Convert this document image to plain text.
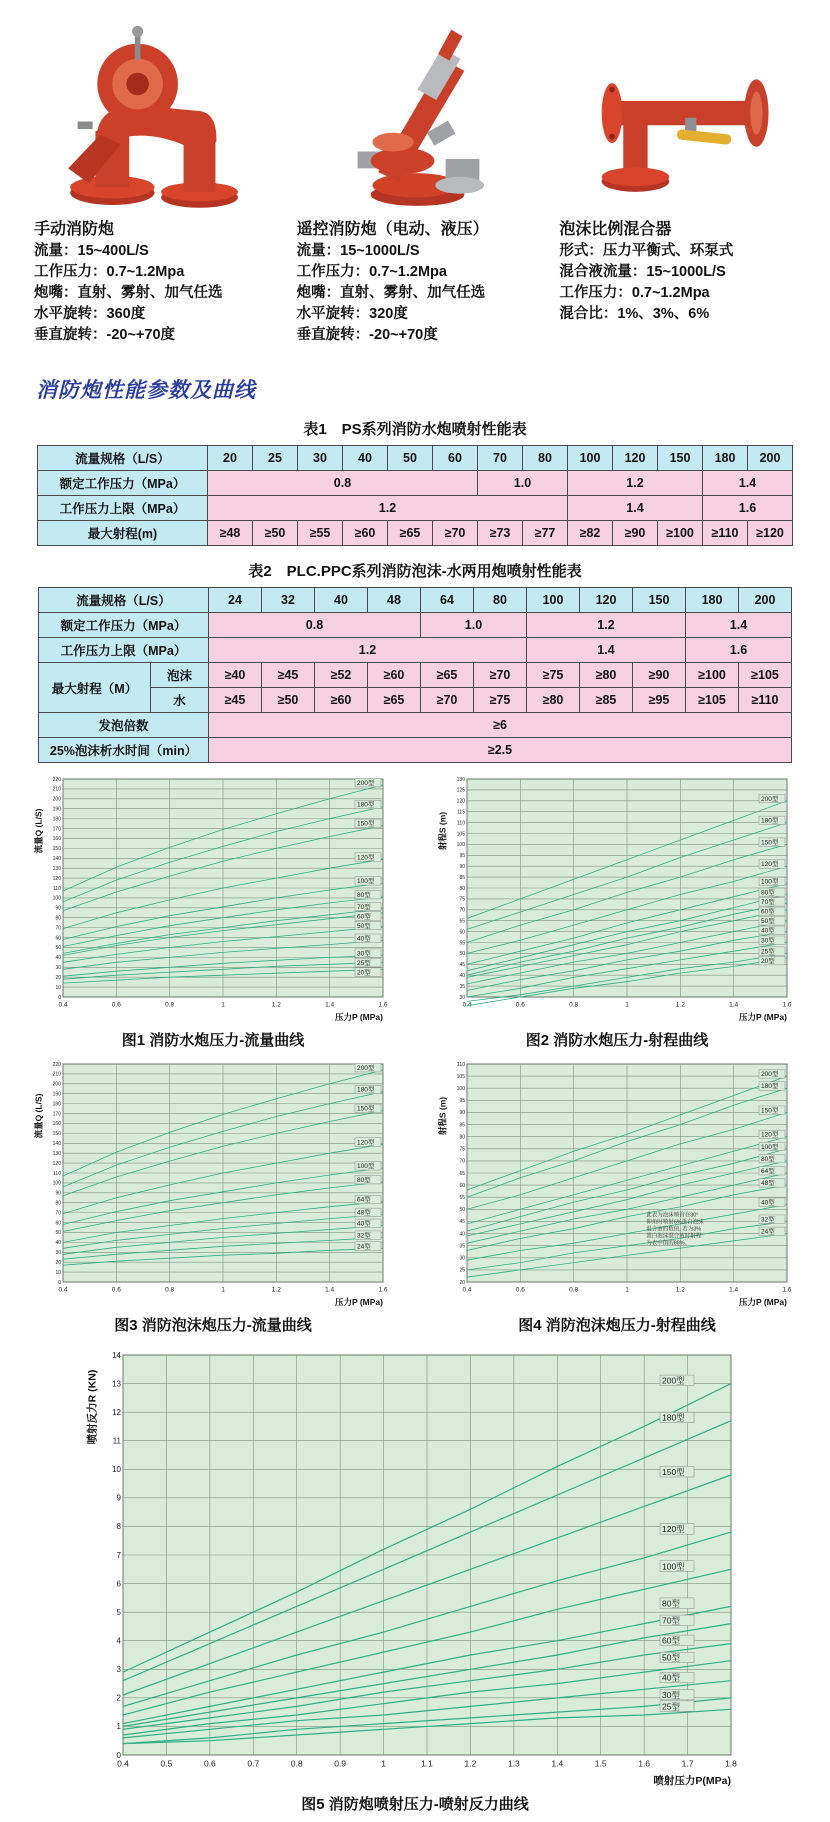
手动消防炮
流量：15~400L/S
工作压力：0.7~1.2Mpa
炮嘴：直射、雾射、加气任选
水平旋转：360度
垂直旋转：-20~+70度
遥控消防炮（电动、液压）
流量：15~1000L/S
工作压力：0.7~1.2Mpa
炮嘴：直射、雾射、加气任选
水平旋转：320度
垂直旋转：-20~+70度
泡沫比例混合器
形式：压力平衡式、环泵式
混合液流量：15~1000L/S
工作压力：0.7~1.2Mpa
混合比：1%、3%、6%
消防炮性能参数及曲线
表1　PS系列消防水炮喷射性能表
流量规格（L/S）	20	25	30	40	50	60	70	80	100	120	150	180	200
额定工作压力（MPa）	0.8						1.0		1.2			1.4	
工作压力上限（MPa）	1.2								1.4			1.6	
最大射程(m)	≥48	≥50	≥55	≥60	≥65	≥70	≥73	≥77	≥82	≥90	≥100	≥110	≥120
表2　PLC.PPC系列消防泡沫-水两用炮喷射性能表
流量规格（L/S）		24	32	40	48	64	80	100	120	150	180	200
额定工作压力（MPa）		0.8				1.0		1.2			1.4	
工作压力上限（MPa）		1.2						1.4			1.6	
最大射程（M）	泡沫	≥40	≥45	≥52	≥60	≥65	≥70	≥75	≥80	≥90	≥100	≥105
	水	≥45	≥50	≥60	≥65	≥70	≥75	≥80	≥85	≥95	≥105	≥110
发泡倍数		≥6										
25%泡沫析水时间（min）		≥2.5										
0.4	0.6	0.8	1	1.2	1.4	1.6
0
10
20
30
40
50
60
70
80
90
100
110
120
130
140
150
160
170
180
190
200
210
220
200型
180型
150型
120型
100型
80型
70型
60型
50型
40型
30型
25型
20型
压力P (MPa)
流量Q (L/S)
图1 消防水炮压力-流量曲线
0.4	0.6	0.8	1	1.2	1.4	1.6
30
35
40
45
50
55
60
65
70
75
80
85
90
95
100
105
110
115
120
125
130
200型
180型
150型
120型
100型
80型
70型
60型
50型
40型
30型
25型
20型
压力P (MPa)
射程S (m)
图2 消防水炮压力-射程曲线
0.4	0.6	0.8	1	1.2	1.4	1.6
0
10
20
30
40
50
60
70
80
90
100
110
120
130
140
150
160
170
180
190
200
210
220
200型
180型
150型
120型
100型
80型
64型
48型
40型
32型
24型
压力P (MPa)
流量Q (L/S)
图3 消防泡沫炮压力-流量曲线
0.4	0.6	0.8	1	1.2	1.4	1.6
20
25
30
35
40
45
50
55
60
65
70
75
80
85
90
95
100
105
110
200型
180型
150型
120型
100型
80型
64型
48型
40型
32型
24型
压力P (MPa)
射程S (m)
此表为泡沫喷管在30°
仰角时喷射6%蛋白泡沫
混合液的数值, 若为3%
蛋白泡沫混合液时射程
为表中值的88%。
图4 消防泡沫炮压力-射程曲线
0.4	0.5	0.6	0.7	0.8	0.9	1	1.1	1.2	1.3	1.4	1.5	1.6	1.7	1.8
0
1
2
3
4
5
6
7
8
9
10
11
12
13
14
200型
180型
150型
120型
100型
80型
70型
60型
50型
40型
30型
25型
喷射压力P(MPa)
喷射反力R (KN)
图5 消防炮喷射压力-喷射反力曲线
